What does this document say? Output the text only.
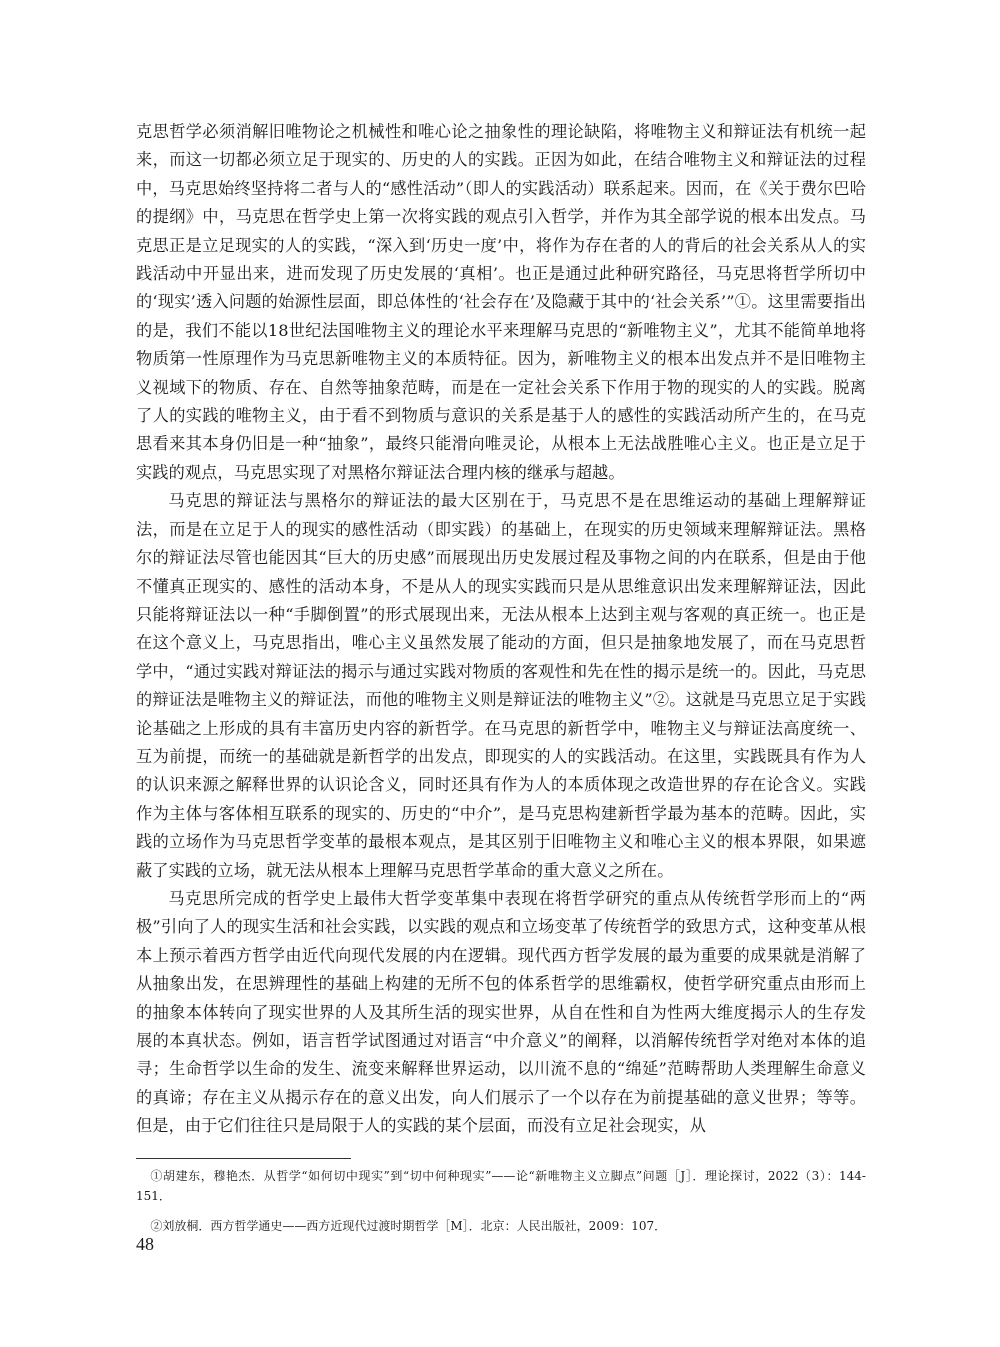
克思哲学必须消解旧唯物论之机械性和唯心论之抽象性的理论缺陷，将唯物主义和辩证法有机统一起来，而这一切都必须立足于现实的、历史的人的实践。正因为如此，在结合唯物主义和辩证法的过程中，马克思始终坚持将二者与人的“感性活动”（即人的实践活动）联系起来。因而，在《关于费尔巴哈的提纲》中，马克思在哲学史上第一次将实践的观点引入哲学，并作为其全部学说的根本出发点。马克思正是立足现实的人的实践，“深入到‘历史一度’中，将作为存在者的人的背后的社会关系从人的实践活动中开显出来，进而发现了历史发展的‘真相’。也正是通过此种研究路径，马克思将哲学所切中的‘现实’透入问题的始源性层面，即总体性的‘社会存在’及隐藏于其中的‘社会关系’”①。这里需要指出的是，我们不能以18世纪法国唯物主义的理论水平来理解马克思的“新唯物主义”，尤其不能简单地将物质第一性原理作为马克思新唯物主义的本质特征。因为，新唯物主义的根本出发点并不是旧唯物主义视域下的物质、存在、自然等抽象范畴，而是在一定社会关系下作用于物的现实的人的实践。脱离了人的实践的唯物主义，由于看不到物质与意识的关系是基于人的感性的实践活动所产生的，在马克思看来其本身仍旧是一种“抽象”，最终只能滑向唯灵论，从根本上无法战胜唯心主义。也正是立足于实践的观点，马克思实现了对黑格尔辩证法合理内核的继承与超越。

马克思的辩证法与黑格尔的辩证法的最大区别在于，马克思不是在思维运动的基础上理解辩证法，而是在立足于人的现实的感性活动（即实践）的基础上，在现实的历史领域来理解辩证法。黑格尔的辩证法尽管也能因其“巨大的历史感”而展现出历史发展过程及事物之间的内在联系，但是由于他不懂真正现实的、感性的活动本身，不是从人的现实实践而只是从思维意识出发来理解辩证法，因此只能将辩证法以一种“手脚倒置”的形式展现出来，无法从根本上达到主观与客观的真正统一。也正是在这个意义上，马克思指出，唯心主义虽然发展了能动的方面，但只是抽象地发展了，而在马克思哲学中，“通过实践对辩证法的揭示与通过实践对物质的客观性和先在性的揭示是统一的。因此，马克思的辩证法是唯物主义的辩证法，而他的唯物主义则是辩证法的唯物主义”②。这就是马克思立足于实践论基础之上形成的具有丰富历史内容的新哲学。在马克思的新哲学中，唯物主义与辩证法高度统一、互为前提，而统一的基础就是新哲学的出发点，即现实的人的实践活动。在这里，实践既具有作为人的认识来源之解释世界的认识论含义，同时还具有作为人的本质体现之改造世界的存在论含义。实践作为主体与客体相互联系的现实的、历史的“中介”，是马克思构建新哲学最为基本的范畴。因此，实践的立场作为马克思哲学变革的最根本观点，是其区别于旧唯物主义和唯心主义的根本界限，如果遮蔽了实践的立场，就无法从根本上理解马克思哲学革命的重大意义之所在。

马克思所完成的哲学史上最伟大哲学变革集中表现在将哲学研究的重点从传统哲学形而上的“两极”引向了人的现实生活和社会实践，以实践的观点和立场变革了传统哲学的致思方式，这种变革从根本上预示着西方哲学由近代向现代发展的内在逻辑。现代西方哲学发展的最为重要的成果就是消解了从抽象出发，在思辨理性的基础上构建的无所不包的体系哲学的思维霸权，使哲学研究重点由形而上的抽象本体转向了现实世界的人及其所生活的现实世界，从自在性和自为性两大维度揭示人的生存发展的本真状态。例如，语言哲学试图通过对语言“中介意义”的阐释，以消解传统哲学对绝对本体的追寻；生命哲学以生命的发生、流变来解释世界运动，以川流不息的“绵延”范畴帮助人类理解生命意义的真谛；存在主义从揭示存在的意义出发，向人们展示了一个以存在为前提基础的意义世界；等等。但是，由于它们往往只是局限于人的实践的某个层面，而没有立足社会现实，从

①胡建东，穆艳杰．从哲学“如何切中现实”到“切中何种现实”——论“新唯物主义立脚点”问题［J］．理论探讨，2022（3）：144-151．

②刘放桐．西方哲学通史——西方近现代过渡时期哲学［M］．北京：人民出版社，2009：107．

48
